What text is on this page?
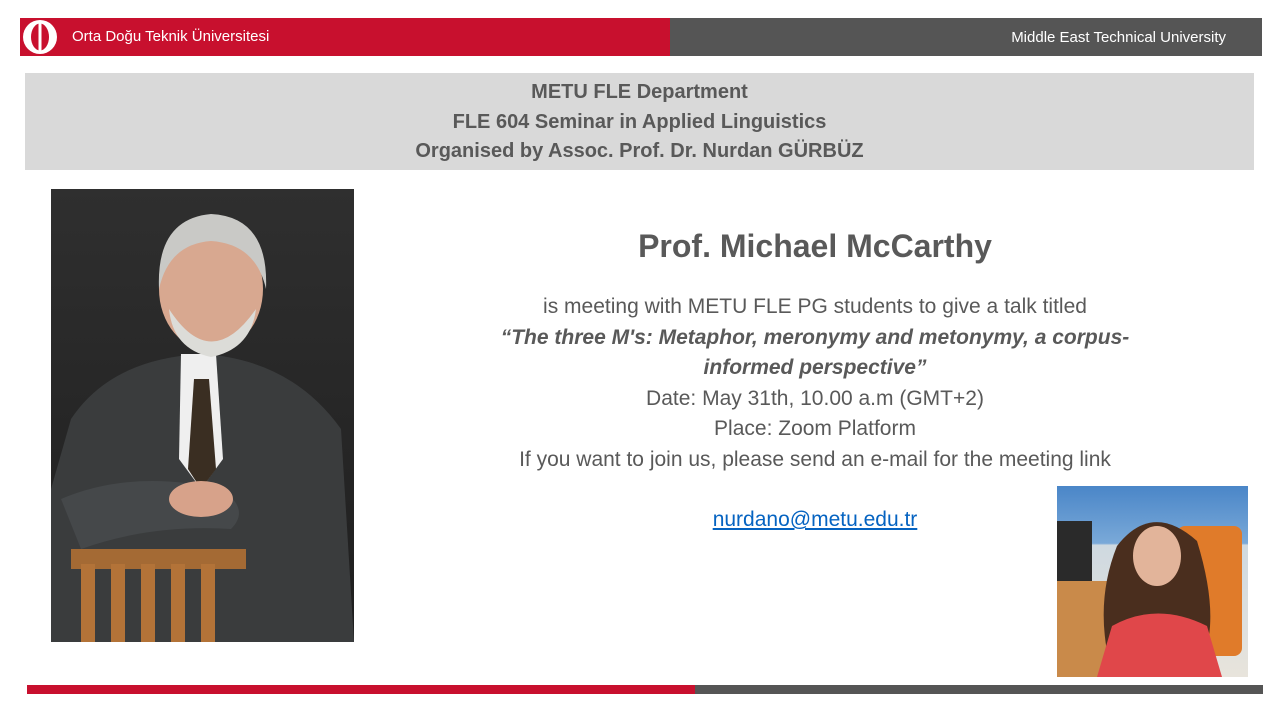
Orta Doğu Teknik Üniversitesi	Middle East Technical University
METU FLE Department
FLE 604 Seminar in Applied Linguistics
Organised by Assoc. Prof. Dr. Nurdan GÜRBÜZ
Prof. Michael McCarthy
is meeting with METU FLE PG students to give a talk titled
“The three M's: Metaphor, meronymy and metonymy, a corpus-
informed perspective”
Date: May 31th, 10.00 a.m (GMT+2)
Place: Zoom Platform
If you want to join us, please send an e-mail for the meeting link
nurdano@metu.edu.tr
